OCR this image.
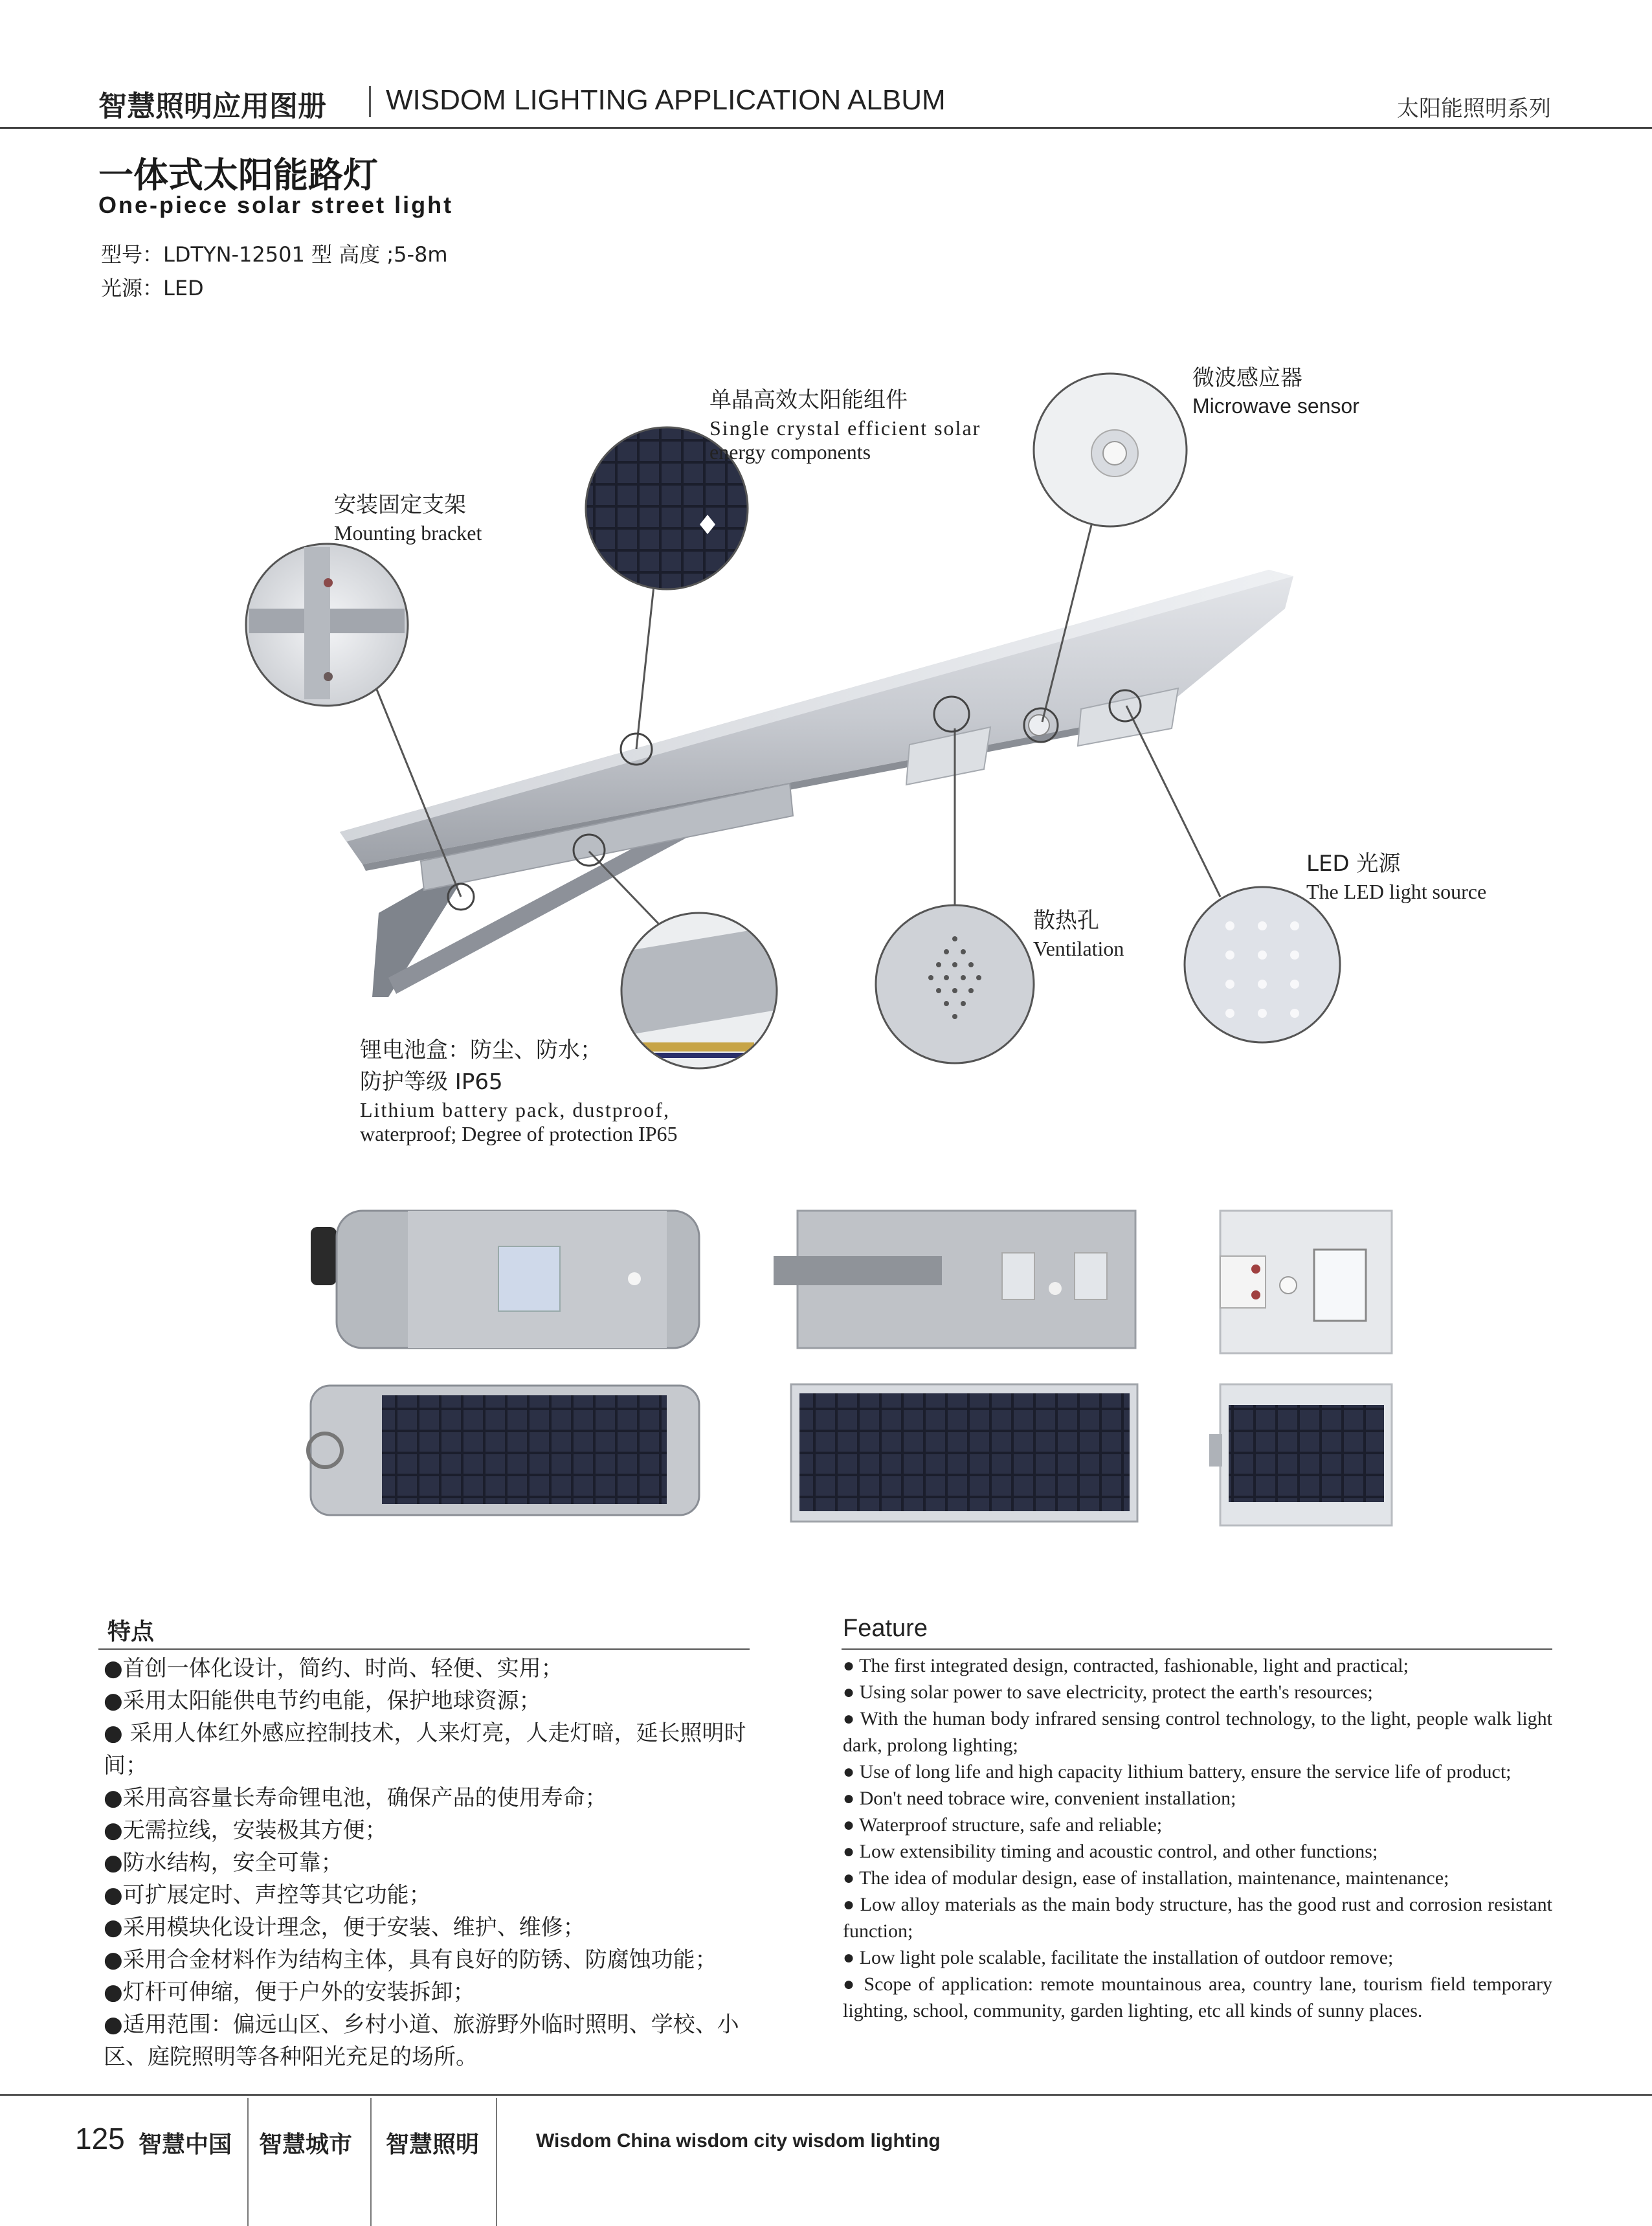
智慧照明应用图册 WISDOM LIGHTING APPLICATION ALBUM	太阳能照明系列
一体式太阳能路灯
One-piece solar street light
型号：LDTYN-12501 型 高度 ;5-8m
光源：LED
单晶高效太阳能组件
Single crystal efficient solar
energy components
微波感应器
Microwave sensor
安装固定支架
Mounting bracket
LED 光源
The LED light source
散热孔
Ventilation
锂电池盒：防尘、防水；
防护等级 IP65
Lithium battery pack, dustproof,
waterproof; Degree of protection IP65
特点

●首创一体化设计，简约、时尚、轻便、实用；

●采用太阳能供电节约电能，保护地球资源；

● 采用人体红外感应控制技术，人来灯亮，人走灯暗，延长照明时间；

●采用高容量长寿命锂电池，确保产品的使用寿命；

●无需拉线，安装极其方便；

●防水结构，安全可靠；

●可扩展定时、声控等其它功能；

●采用模块化设计理念，便于安装、维护、维修；

●采用合金材料作为结构主体，具有良好的防锈、防腐蚀功能；

●灯杆可伸缩，便于户外的安装拆卸；

●适用范围：偏远山区、乡村小道、旅游野外临时照明、学校、小区、庭院照明等各种阳光充足的场所。

Feature

● The first integrated design, contracted, fashionable, light and practical;

● Using solar power to save electricity, protect the earth's resources;

● With the human body infrared sensing control technology, to the light, people walk light dark, prolong lighting;

● Use of long life and high capacity lithium battery, ensure the service life of product;

● Don't need tobrace wire, convenient installation;

● Waterproof structure, safe and reliable;

● Low extensibility timing and acoustic control, and other functions;

● The idea of modular design, ease of installation, maintenance, maintenance;

● Low alloy materials as the main body structure, has the good rust and corrosion resistant function;

● Low light pole scalable, facilitate the installation of outdoor remove;

● Scope of application: remote mountainous area, country lane, tourism field temporary lighting, school, community, garden lighting, etc all kinds of sunny places.

125 智慧中国 智慧城市 智慧照明	Wisdom China wisdom city wisdom lighting
